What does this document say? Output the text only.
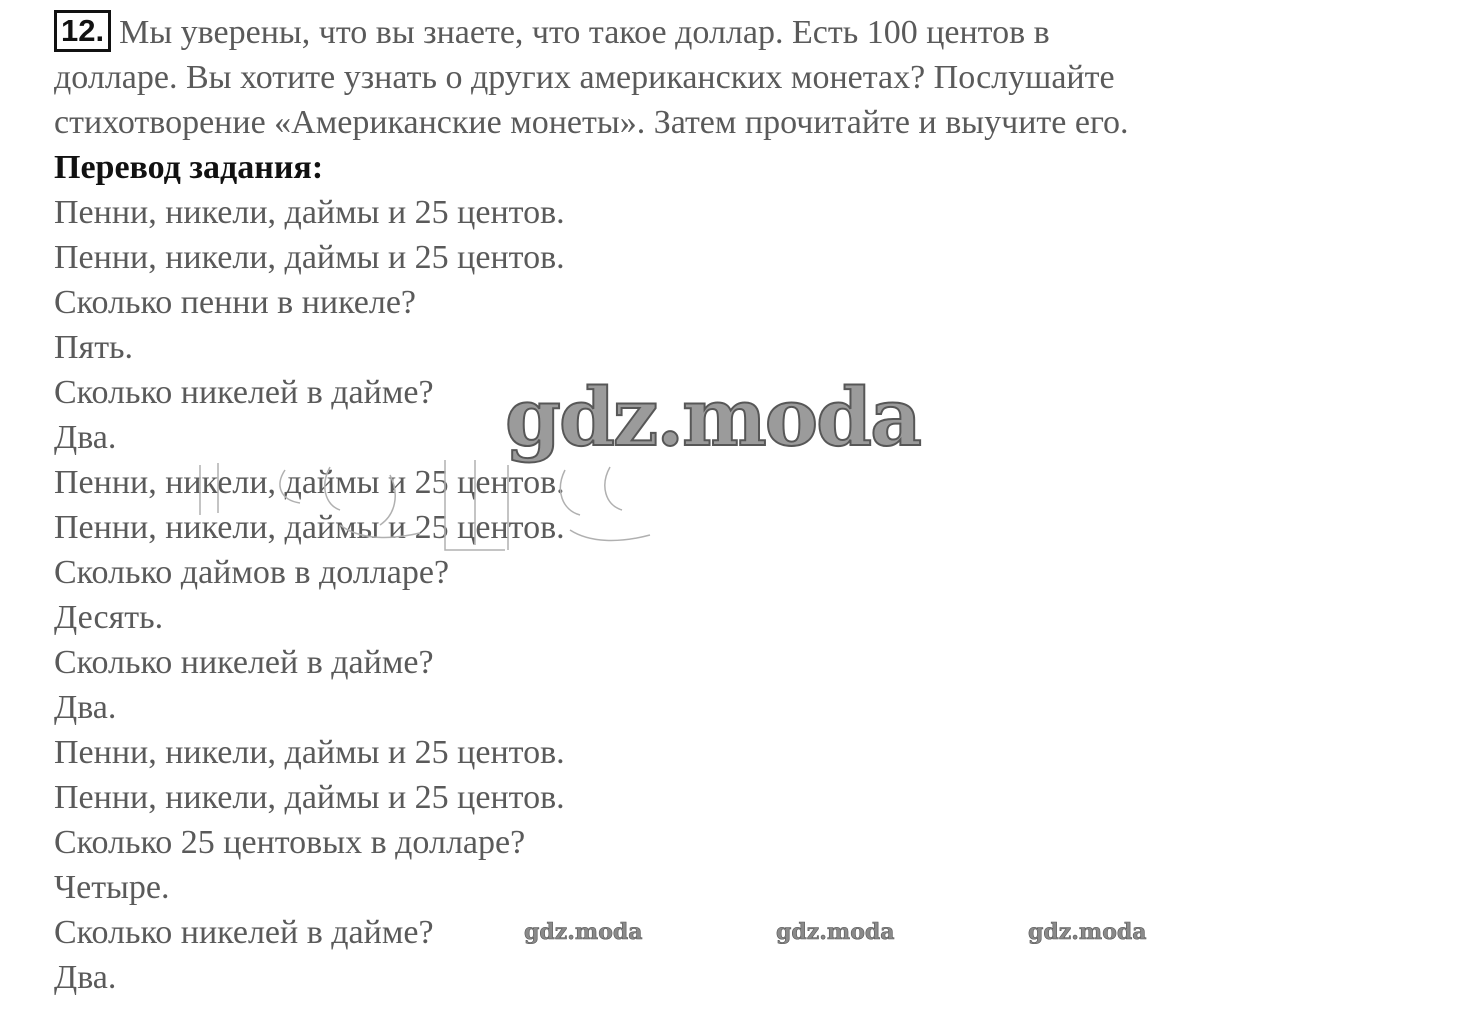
12. Мы уверены, что вы знаете, что такое доллар. Есть 100 центов в
долларе. Вы хотите узнать о других американских монетах? Послушайте
стихотворение «Американские монеты». Затем прочитайте и выучите его.
Перевод задания:
Пенни, никели, даймы и 25 центов.
Пенни, никели, даймы и 25 центов.
Сколько пенни в никеле?
Пять.
Сколько никелей в дайме?
Два.
Пенни, никели, даймы и 25 центов.
Пенни, никели, даймы и 25 центов.
Сколько даймов в долларе?
Десять.
Сколько никелей в дайме?
Два.
Пенни, никели, даймы и 25 центов.
Пенни, никели, даймы и 25 центов.
Сколько 25 центовых в долларе?
Четыре.
Сколько никелей в дайме?
Два.
gdz.moda
gdz.moda	gdz.moda	gdz.moda
